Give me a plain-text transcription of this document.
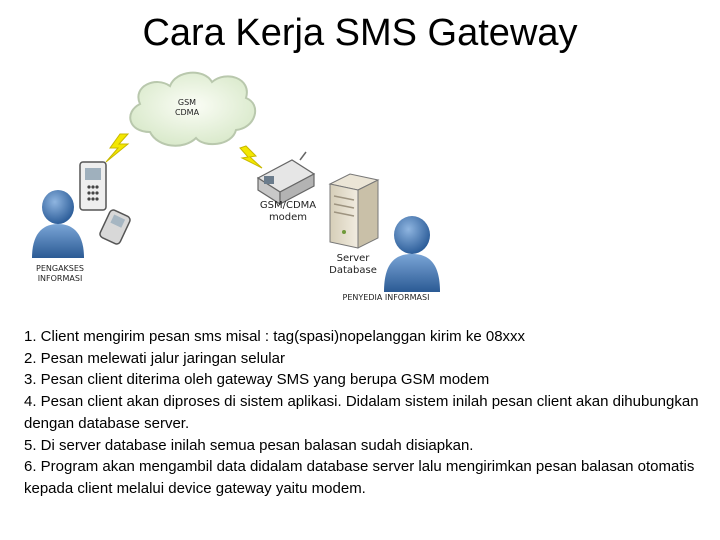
Cara Kerja SMS Gateway
GSM
CDMA
GSM/CDMA
modem
Server
Database
PENGAKSES
INFORMASI
PENYEDIA INFORMASI
1. Client mengirim pesan sms misal : tag(spasi)nopelanggan kirim ke 08xxx
2. Pesan melewati jalur jaringan selular
3. Pesan client diterima oleh gateway SMS yang berupa GSM modem
4. Pesan client akan diproses di sistem aplikasi. Didalam sistem inilah pesan client akan dihubungkan dengan database server.
5. Di server database inilah semua pesan balasan sudah disiapkan.
6. Program akan mengambil data didalam database server lalu mengirimkan pesan balasan otomatis kepada client melalui device gateway yaitu modem.
